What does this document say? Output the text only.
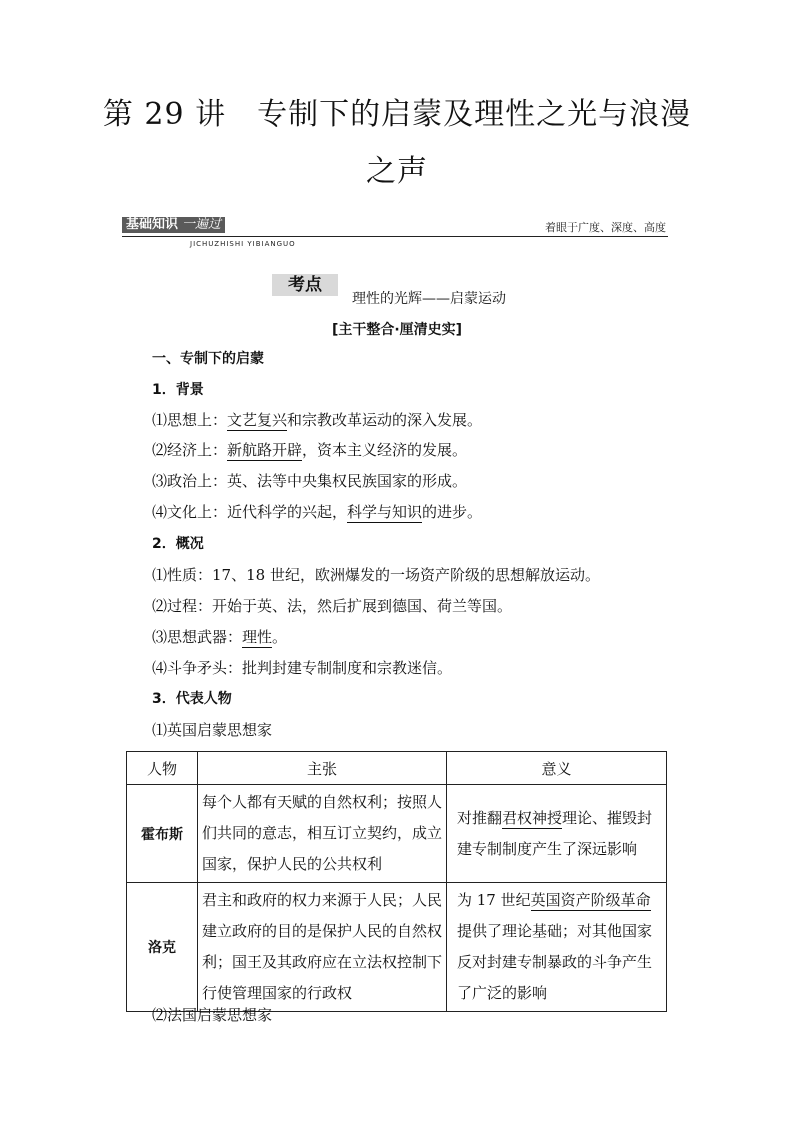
第 29 讲　专制下的启蒙及理性之光与浪漫
之声
基础知识 一遍过
JICHUZHISHI YIBIANGUO
着眼于广度、深度、高度
考点
理性的光辉——启蒙运动
[主干整合·厘清史实]
一、专制下的启蒙
1．背景
⑴思想上：文艺复兴和宗教改革运动的深入发展。
⑵经济上：新航路开辟，资本主义经济的发展。
⑶政治上：英、法等中央集权民族国家的形成。
⑷文化上：近代科学的兴起，科学与知识的进步。
2．概况
⑴性质：17、18 世纪，欧洲爆发的一场资产阶级的思想解放运动。
⑵过程：开始于英、法，然后扩展到德国、荷兰等国。
⑶思想武器：理性。
⑷斗争矛头：批判封建专制制度和宗教迷信。
3．代表人物
⑴英国启蒙思想家
人物	主张	意义
霍布斯	每个人都有天赋的自然权利；按照人们共同的意志，相互订立契约，成立国家，保护人民的公共权利	对推翻君权神授理论、摧毁封建专制制度产生了深远影响
洛克	君主和政府的权力来源于人民；人民建立政府的目的是保护人民的自然权利；国王及其政府应在立法权控制下行使管理国家的行政权	为 17 世纪英国资产阶级革命提供了理论基础；对其他国家反对封建专制暴政的斗争产生了广泛的影响
⑵法国启蒙思想家
